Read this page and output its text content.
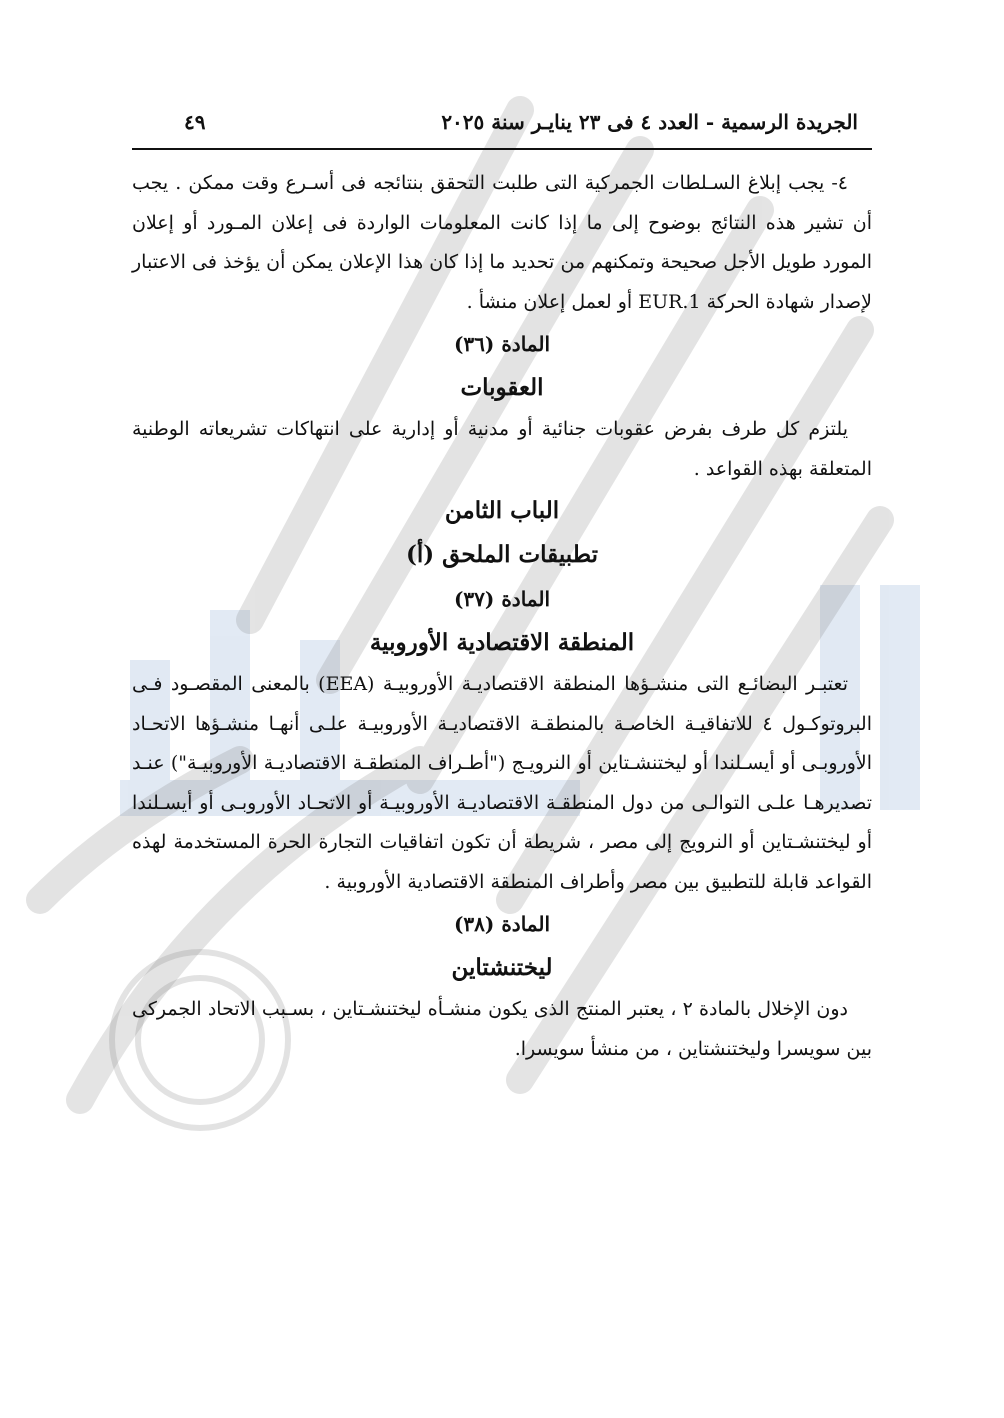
الجريدة الرسمية - العدد ٤ فى ٢٣ ينايـر سنة ٢٠٢٥
٤٩

٤- يجب إبلاغ السـلطات الجمركية التى طلبت التحقق بنتائجه فى أسـرع وقت ممكن . يجب أن تشير هذه النتائج بوضوح إلى ما إذا كانت المعلومات الواردة فى إعلان المـورد أو إعلان المورد طويل الأجل صحيحة وتمكنهم من تحديد ما إذا كان هذا الإعلان يمكن أن يؤخذ فى الاعتبار لإصدار شهادة الحركة EUR.1 أو لعمل إعلان منشأ .

المادة (٣٦)
العقوبات

يلتزم كل طرف بفرض عقوبات جنائية أو مدنية أو إدارية على انتهاكات تشريعاته الوطنية المتعلقة بهذه القواعد .

الباب الثامن
تطبيقات الملحق (أ)
المادة (٣٧)
المنطقة الاقتصادية الأوروبية

تعتبـر البضائـع التى منشـؤها المنطقة الاقتصاديـة الأوروبيـة (EEA) بالمعنى المقصـود فـى البروتوكـول ٤ للاتفاقيـة الخاصـة بالمنطقـة الاقتصاديـة الأوروبيـة علـى أنهـا منشـؤها الاتحـاد الأوروبـى أو أيسـلندا أو ليختنشـتاين أو النرويـج ("أطـراف المنطقـة الاقتصاديـة الأوروبيـة") عنـد تصديرهـا علـى التوالـى من دول المنطقـة الاقتصاديـة الأوروبيـة أو الاتحـاد الأوروبـى أو أيسـلندا أو ليختنشـتاين أو النرويج إلى مصر ، شريطة أن تكون اتفاقيات التجارة الحرة المستخدمة لهذه القواعد قابلة للتطبيق بين مصر وأطراف المنطقة الاقتصادية الأوروبية .

المادة (٣٨)
ليختنشتاين

دون الإخلال بالمادة ٢ ، يعتبر المنتج الذى يكون منشـأه ليختنشـتاين ، بسـبب الاتحاد الجمركى بين سويسرا وليختنشتاين ، من منشأ سويسرا.
